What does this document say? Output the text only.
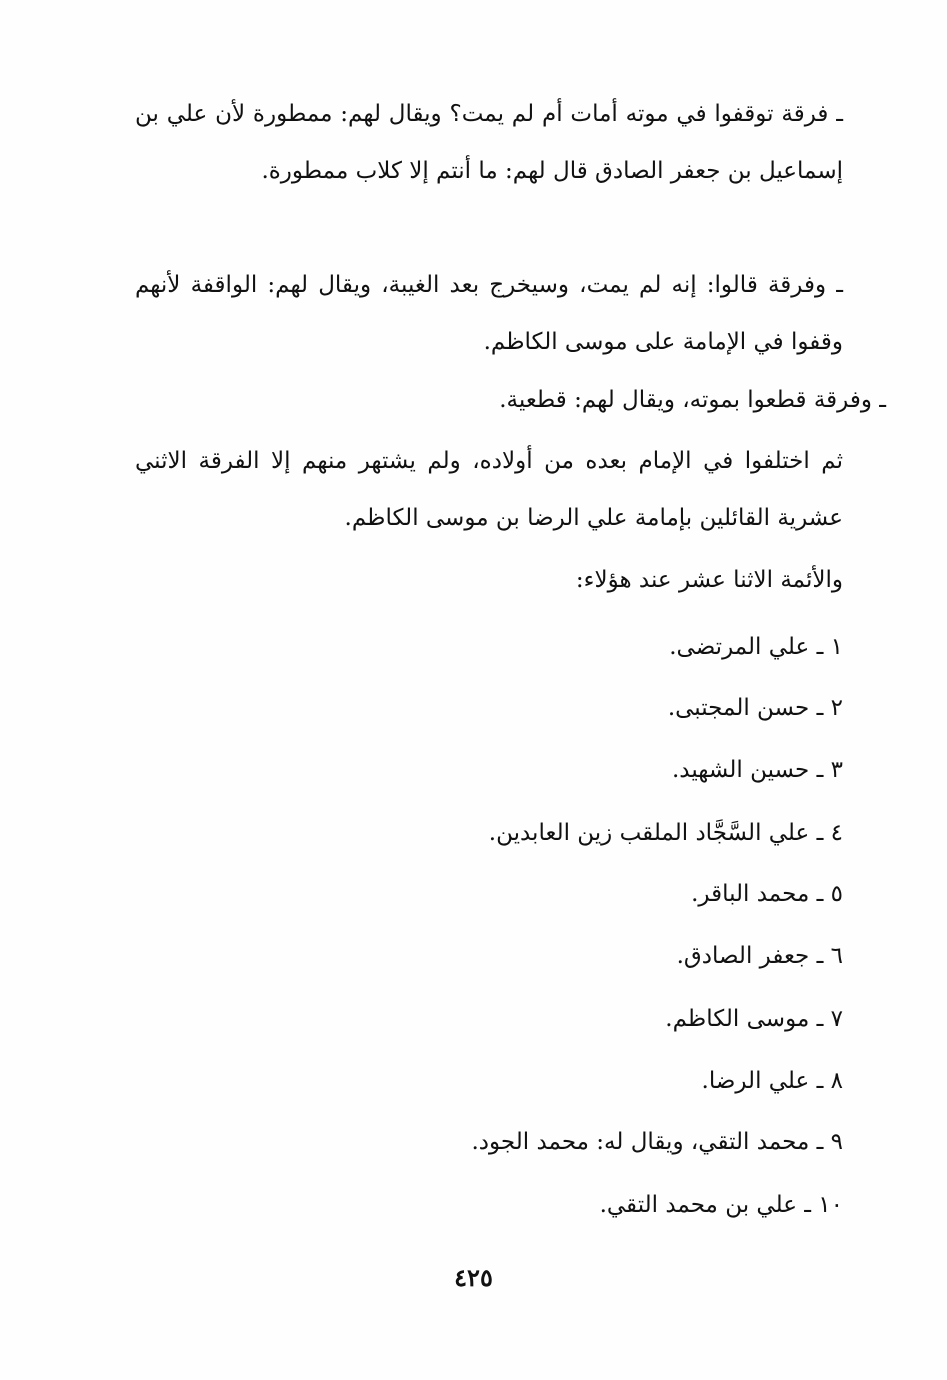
ـ فرقة توقفوا في موته أمات أم لم يمت؟ ويقال لهم: ممطورة لأن علي بن إسماعيل بن جعفر الصادق قال لهم: ما أنتم إلا كلاب ممطورة.

ـ وفرقة قالوا: إنه لم يمت، وسيخرج بعد الغيبة، ويقال لهم: الواقفة لأنهم وقفوا في الإمامة على موسى الكاظم.

ـ وفرقة قطعوا بموته، ويقال لهم: قطعية.

ثم اختلفوا في الإمام بعده من أولاده، ولم يشتهر منهم إلا الفرقة الاثني عشرية القائلين بإمامة علي الرضا بن موسى الكاظم.

والأئمة الاثنا عشر عند هؤلاء:
١ ـ علي المرتضى.
٢ ـ حسن المجتبى.
٣ ـ حسين الشهيد.
٤ ـ علي السَّجَّاد الملقب زين العابدين.
٥ ـ محمد الباقر.
٦ ـ جعفر الصادق.
٧ ـ موسى الكاظم.
٨ ـ علي الرضا.
٩ ـ محمد التقي، ويقال له: محمد الجود.
١٠ ـ علي بن محمد التقي.
٤٢٥
